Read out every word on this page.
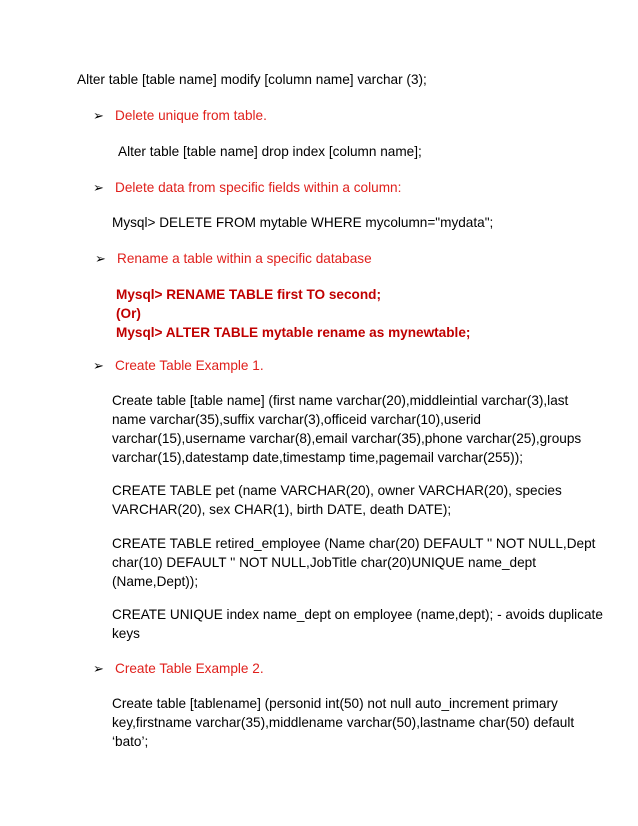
Alter table [table name] modify [column name] varchar (3);
➢ Delete unique from table.
Alter table [table name] drop index [column name];
➢ Delete data from specific fields within a column:
Mysql> DELETE FROM mytable WHERE mycolumn="mydata";
➢ Rename a table within a specific database
Mysql> RENAME TABLE first TO second;
(Or)
Mysql> ALTER TABLE mytable rename as mynewtable;
➢ Create Table Example 1.
Create table [table name] (first name varchar(20),middleintial varchar(3),last
name varchar(35),suffix varchar(3),officeid varchar(10),userid
varchar(15),username varchar(8),email varchar(35),phone varchar(25),groups
varchar(15),datestamp date,timestamp time,pagemail varchar(255));
CREATE TABLE pet (name VARCHAR(20), owner VARCHAR(20), species
VARCHAR(20), sex CHAR(1), birth DATE, death DATE);
CREATE TABLE retired_employee (Name char(20) DEFAULT '' NOT NULL,Dept
char(10) DEFAULT '' NOT NULL,JobTitle char(20)UNIQUE name_dept
(Name,Dept));
CREATE UNIQUE index name_dept on employee (name,dept); - avoids duplicate
keys
➢ Create Table Example 2.
Create table [tablename] (personid int(50) not null auto_increment primary
key,firstname varchar(35),middlename varchar(50),lastname char(50) default
‘bato’;
